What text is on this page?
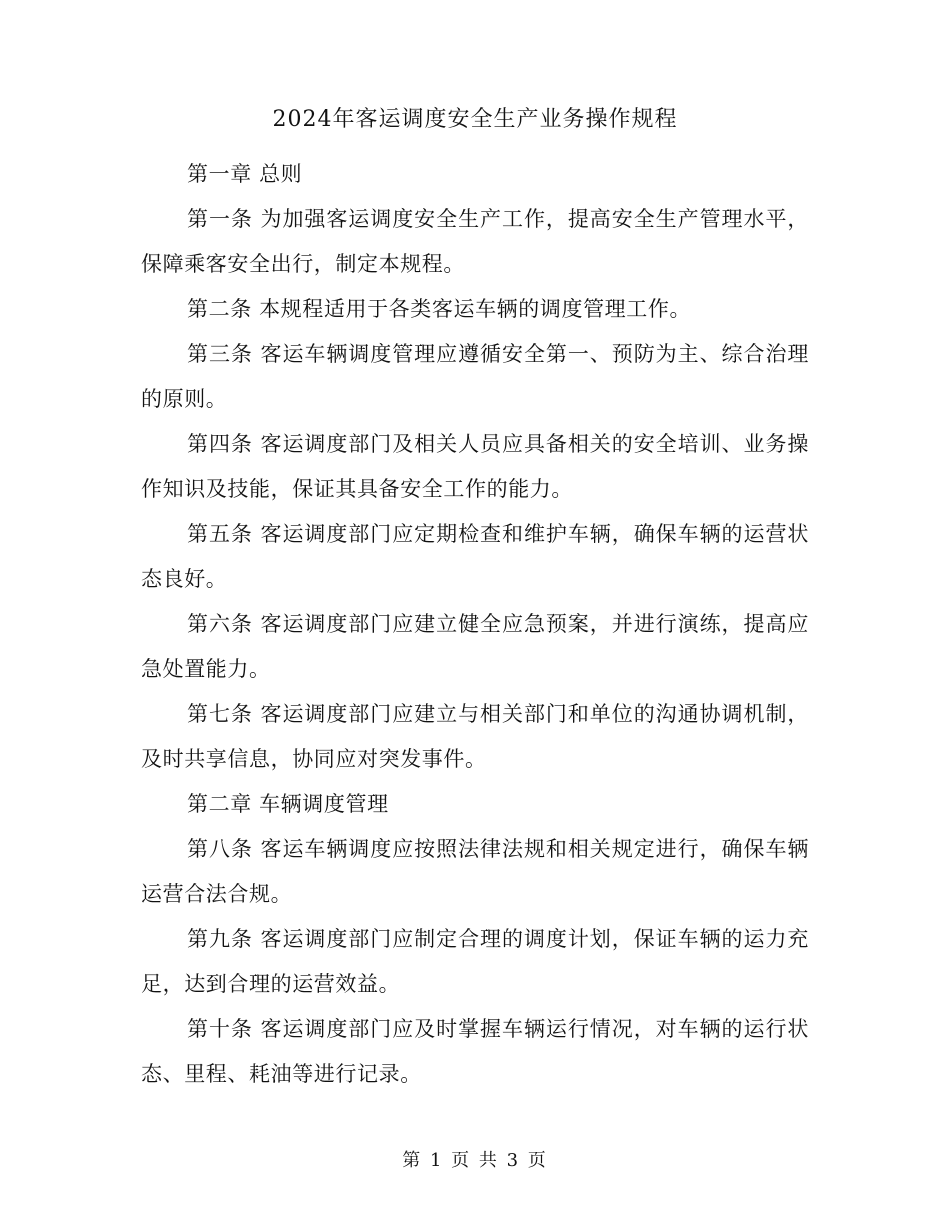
2024年客运调度安全生产业务操作规程

第一章 总则

第一条 为加强客运调度安全生产工作，提高安全生产管理水平，保障乘客安全出行，制定本规程。

第二条 本规程适用于各类客运车辆的调度管理工作。

第三条 客运车辆调度管理应遵循安全第一、预防为主、综合治理的原则。

第四条 客运调度部门及相关人员应具备相关的安全培训、业务操作知识及技能，保证其具备安全工作的能力。

第五条 客运调度部门应定期检查和维护车辆，确保车辆的运营状态良好。

第六条 客运调度部门应建立健全应急预案，并进行演练，提高应急处置能力。

第七条 客运调度部门应建立与相关部门和单位的沟通协调机制，及时共享信息，协同应对突发事件。

第二章 车辆调度管理

第八条 客运车辆调度应按照法律法规和相关规定进行，确保车辆运营合法合规。

第九条 客运调度部门应制定合理的调度计划，保证车辆的运力充足，达到合理的运营效益。

第十条 客运调度部门应及时掌握车辆运行情况，对车辆的运行状态、里程、耗油等进行记录。

第 1 页 共 3 页
